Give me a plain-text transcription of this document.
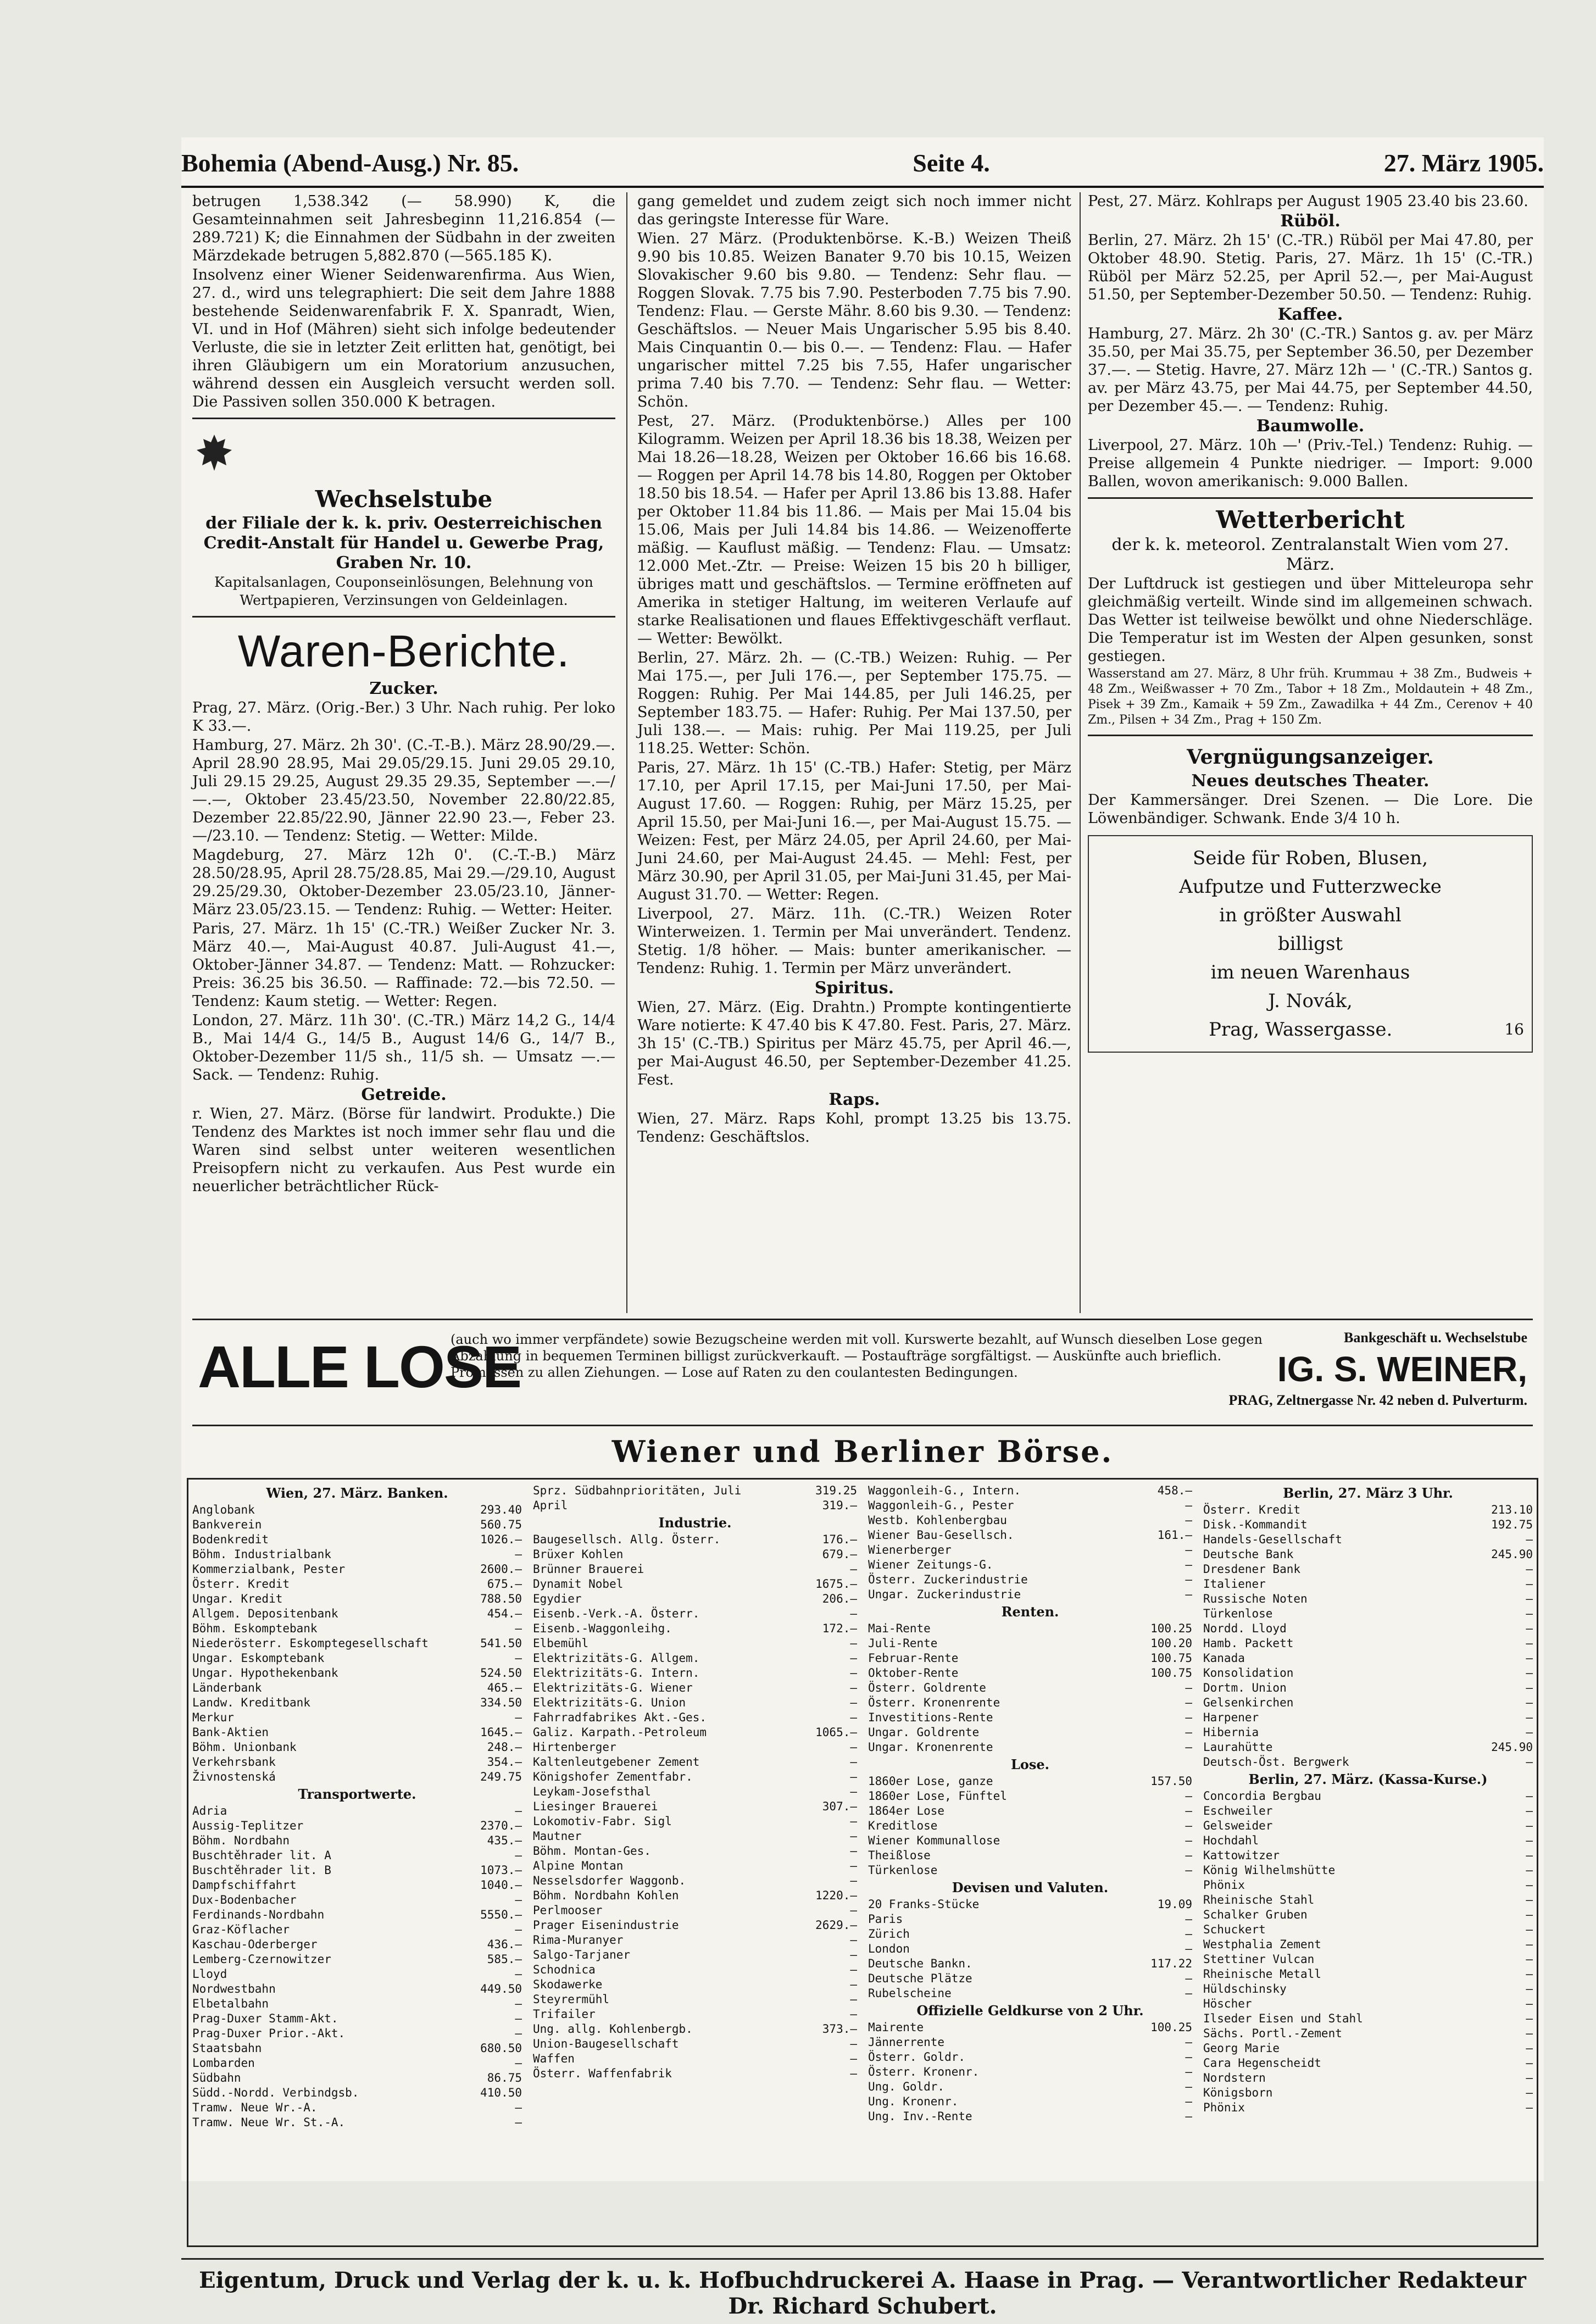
Bohemia (Abend-Ausg.) Nr. 85.	Seite 4.	27. März 1905.

betrugen 1,538.342 (— 58.990) K, die Gesamteinnahmen seit Jahresbeginn 11,216.854 (—289.721) K; die Einnahmen der Südbahn in der zweiten Märzdekade betrugen 5,882.870 (—565.185 K).

Insolvenz einer Wiener Seidenwarenfirma. Aus Wien, 27. d., wird uns telegraphiert: Die seit dem Jahre 1888 bestehende Seidenwarenfabrik F. X. Spanradt, Wien, VI. und in Hof (Mähren) sieht sich infolge bedeutender Verluste, die sie in letzter Zeit erlitten hat, genötigt, bei ihren Gläubigern um ein Moratorium anzusuchen, während dessen ein Ausgleich versucht werden soll. Die Passiven sollen 350.000 K betragen.

Wechselstube
der Filiale der k. k. priv. Oesterreichischen Credit-Anstalt für Handel u. Gewerbe Prag, Graben Nr. 10.

Kapitalsanlagen, Couponseinlösungen, Belehnung von Wertpapieren, Verzinsungen von Geldeinlagen.

Waren-Berichte.
Zucker.

Prag, 27. März. (Orig.-Ber.) 3 Uhr. Nach ruhig. Per loko K 33.—.

Hamburg, 27. März. 2h 30'. (C.-T.-B.). März 28.90/29.—. April 28.90 28.95, Mai 29.05/29.15. Juni 29.05 29.10, Juli 29.15 29.25, August 29.35 29.35, September —.—/—.—, Oktober 23.45/23.50, November 22.80/22.85, Dezember 22.85/22.90, Jänner 22.90 23.—, Feber 23.—/23.10. — Tendenz: Stetig. — Wetter: Milde.

Magdeburg, 27. März 12h 0'. (C.-T.-B.) März 28.50/28.95, April 28.75/28.85, Mai 29.—/29.10, August 29.25/29.30, Oktober-Dezember 23.05/23.10, Jänner-März 23.05/23.15. — Tendenz: Ruhig. — Wetter: Heiter.

Paris, 27. März. 1h 15' (C.-TR.) Weißer Zucker Nr. 3. März 40.—, Mai-August 40.87. Juli-August 41.—, Oktober-Jänner 34.87. — Tendenz: Matt. — Rohzucker: Preis: 36.25 bis 36.50. — Raffinade: 72.—bis 72.50. — Tendenz: Kaum stetig. — Wetter: Regen.

London, 27. März. 11h 30'. (C.-TR.) März 14,2 G., 14/4 B., Mai 14/4 G., 14/5 B., August 14/6 G., 14/7 B., Oktober-Dezember 11/5 sh., 11/5 sh. — Umsatz —.— Sack. — Tendenz: Ruhig.

Getreide.

r. Wien, 27. März. (Börse für landwirt. Produkte.) Die Tendenz des Marktes ist noch immer sehr flau und die Waren sind selbst unter weiteren wesentlichen Preisopfern nicht zu verkaufen. Aus Pest wurde ein neuerlicher beträchtlicher Rück-

gang gemeldet und zudem zeigt sich noch immer nicht das geringste Interesse für Ware.

Wien. 27 März. (Produktenbörse. K.-B.) Weizen Theiß 9.90 bis 10.85. Weizen Banater 9.70 bis 10.15, Weizen Slovakischer 9.60 bis 9.80. — Tendenz: Sehr flau. — Roggen Slovak. 7.75 bis 7.90. Pesterboden 7.75 bis 7.90. Tendenz: Flau. — Gerste Mähr. 8.60 bis 9.30. — Tendenz: Geschäftslos. — Neuer Mais Ungarischer 5.95 bis 8.40. Mais Cinquantin 0.— bis 0.—. — Tendenz: Flau. — Hafer ungarischer mittel 7.25 bis 7.55, Hafer ungarischer prima 7.40 bis 7.70. — Tendenz: Sehr flau. — Wetter: Schön.

Pest, 27. März. (Produktenbörse.) Alles per 100 Kilogramm. Weizen per April 18.36 bis 18.38, Weizen per Mai 18.26—18.28, Weizen per Oktober 16.66 bis 16.68. — Roggen per April 14.78 bis 14.80, Roggen per Oktober 18.50 bis 18.54. — Hafer per April 13.86 bis 13.88. Hafer per Oktober 11.84 bis 11.86. — Mais per Mai 15.04 bis 15.06, Mais per Juli 14.84 bis 14.86. — Weizenofferte mäßig. — Kauflust mäßig. — Tendenz: Flau. — Umsatz: 12.000 Met.-Ztr. — Preise: Weizen 15 bis 20 h billiger, übriges matt und geschäftslos. — Termine eröffneten auf Amerika in stetiger Haltung, im weiteren Verlaufe auf starke Realisationen und flaues Effektivgeschäft verflaut. — Wetter: Bewölkt.

Berlin, 27. März. 2h. — (C.-TB.) Weizen: Ruhig. — Per Mai 175.—, per Juli 176.—, per September 175.75. — Roggen: Ruhig. Per Mai 144.85, per Juli 146.25, per September 183.75. — Hafer: Ruhig. Per Mai 137.50, per Juli 138.—. — Mais: ruhig. Per Mai 119.25, per Juli 118.25. Wetter: Schön.

Paris, 27. März. 1h 15' (C.-TB.) Hafer: Stetig, per März 17.10, per April 17.15, per Mai-Juni 17.50, per Mai-August 17.60. — Roggen: Ruhig, per März 15.25, per April 15.50, per Mai-Juni 16.—, per Mai-August 15.75. — Weizen: Fest, per März 24.05, per April 24.60, per Mai-Juni 24.60, per Mai-August 24.45. — Mehl: Fest, per März 30.90, per April 31.05, per Mai-Juni 31.45, per Mai-August 31.70. — Wetter: Regen.

Liverpool, 27. März. 11h. (C.-TR.) Weizen Roter Winterweizen. 1. Termin per Mai unverändert. Tendenz. Stetig. 1/8 höher. — Mais: bunter amerikanischer. — Tendenz: Ruhig. 1. Termin per März unverändert.

Spiritus.

Wien, 27. März. (Eig. Drahtn.) Prompte kontingentierte Ware notierte: K 47.40 bis K 47.80. Fest. Paris, 27. März. 3h 15' (C.-TB.) Spiritus per März 45.75, per April 46.—, per Mai-August 46.50, per September-Dezember 41.25. Fest.

Raps.

Wien, 27. März. Raps Kohl, prompt 13.25 bis 13.75. Tendenz: Geschäftslos.

Pest, 27. März. Kohlraps per August 1905 23.40 bis 23.60.

Rüböl.

Berlin, 27. März. 2h 15' (C.-TR.) Rüböl per Mai 47.80, per Oktober 48.90. Stetig. Paris, 27. März. 1h 15' (C.-TR.) Rüböl per März 52.25, per April 52.—, per Mai-August 51.50, per September-Dezember 50.50. — Tendenz: Ruhig.

Kaffee.

Hamburg, 27. März. 2h 30' (C.-TR.) Santos g. av. per März 35.50, per Mai 35.75, per September 36.50, per Dezember 37.—. — Stetig. Havre, 27. März 12h — ' (C.-TR.) Santos g. av. per März 43.75, per Mai 44.75, per September 44.50, per Dezember 45.—. — Tendenz: Ruhig.

Baumwolle.

Liverpool, 27. März. 10h —' (Priv.-Tel.) Tendenz: Ruhig. — Preise allgemein 4 Punkte niedriger. — Import: 9.000 Ballen, wovon amerikanisch: 9.000 Ballen.

Wetterbericht
der k. k. meteorol. Zentralanstalt Wien vom 27. März.

Der Luftdruck ist gestiegen und über Mitteleuropa sehr gleichmäßig verteilt. Winde sind im allgemeinen schwach. Das Wetter ist teilweise bewölkt und ohne Niederschläge. Die Temperatur ist im Westen der Alpen gesunken, sonst gestiegen.

Wasserstand am 27. März, 8 Uhr früh. Krummau + 38 Zm., Budweis + 48 Zm., Weißwasser + 70 Zm., Tabor + 18 Zm., Moldautein + 48 Zm., Pisek + 39 Zm., Kamaik + 59 Zm., Zawadilka + 44 Zm., Cerenov + 40 Zm., Pilsen + 34 Zm., Prag + 150 Zm.

Vergnügungsanzeiger.
Neues deutsches Theater.

Der Kammersänger. Drei Szenen. — Die Lore. Die Löwenbändiger. Schwank. Ende 3/4 10 h.

Seide für Roben, Blusen,
Aufputze und Futterzwecke
in größter Auswahl
billigst
im neuen Warenhaus
J. Novák,
Prag, Wassergasse.	16
ALLE LOSE
(auch wo immer verpfändete) sowie Bezugscheine werden mit voll. Kurswerte bezahlt, auf Wunsch dieselben Lose gegen Abzahlung in bequemen Terminen billigst zurückverkauft. — Postaufträge sorgfältigst. — Auskünfte auch brieflich. Promessen zu allen Ziehungen. — Lose auf Raten zu den coulantesten Bedingungen.
Bankgeschäft u. Wechselstube
IG. S. WEINER,
PRAG, Zeltnergasse Nr. 42 neben d. Pulverturm.
Wiener und Berliner Börse.
Wien, 27. März. Banken.
Anglobank	293.40
Bankverein	560.75
Bodenkredit	1026.—
Böhm. Industrialbank	—
Kommerzialbank, Pester	2600.—
Österr. Kredit	675.—
Ungar. Kredit	788.50
Allgem. Depositenbank	454.—
Böhm. Eskomptebank	—
Niederösterr. Eskomptegesellschaft	541.50
Ungar. Eskomptebank	—
Ungar. Hypothekenbank	524.50
Länderbank	465.—
Landw. Kreditbank	334.50
Merkur	—
Bank-Aktien	1645.—
Böhm. Unionbank	248.—
Verkehrsbank	354.—
Živnostenská	249.75
Transportwerte.
Adria	—
Aussig-Teplitzer	2370.—
Böhm. Nordbahn	435.—
Buschtěhrader lit. A	—
Buschtěhrader lit. B	1073.—
Dampfschiffahrt	1040.—
Dux-Bodenbacher	—
Ferdinands-Nordbahn	5550.—
Graz-Köflacher	—
Kaschau-Oderberger	436.—
Lemberg-Czernowitzer	585.—
Lloyd	—
Nordwestbahn	449.50
Elbetalbahn	—
Prag-Duxer Stamm-Akt.	—
Prag-Duxer Prior.-Akt.	—
Staatsbahn	680.50
Lombarden	—
Südbahn	86.75
Südd.-Nordd. Verbindgsb.	410.50
Tramw. Neue Wr.-A.	—
Tramw. Neue Wr. St.-A.	—
Sprz. Südbahnprioritäten, Juli	319.25
April	319.—
Industrie.
Baugesellsch. Allg. Österr.	176.—
Brüxer Kohlen	679.—
Brünner Brauerei	—
Dynamit Nobel	1675.—
Egydier	206.—
Eisenb.-Verk.-A. Österr.	—
Eisenb.-Waggonleihg.	172.—
Elbemühl	—
Elektrizitäts-G. Allgem.	—
Elektrizitäts-G. Intern.	—
Elektrizitäts-G. Wiener	—
Elektrizitäts-G. Union	—
Fahrradfabrikes Akt.-Ges.	—
Galiz. Karpath.-Petroleum	1065.—
Hirtenberger	—
Kaltenleutgebener Zement	—
Königshofer Zementfabr.	—
Leykam-Josefsthal	—
Liesinger Brauerei	307.—
Lokomotiv-Fabr. Sigl	—
Mautner	—
Böhm. Montan-Ges.	—
Alpine Montan	—
Nesselsdorfer Waggonb.	—
Böhm. Nordbahn Kohlen	1220.—
Perlmooser	—
Prager Eisenindustrie	2629.—
Rima-Muranyer	—
Salgo-Tarjaner	—
Schodnica	—
Skodawerke	—
Steyrermühl	—
Trifailer	—
Ung. allg. Kohlenbergb.	373.—
Union-Baugesellschaft	—
Waffen	—
Österr. Waffenfabrik	—
Waggonleih-G., Intern.	458.—
Waggonleih-G., Pester	—
Westb. Kohlenbergbau	—
Wiener Bau-Gesellsch.	161.—
Wienerberger	—
Wiener Zeitungs-G.	—
Österr. Zuckerindustrie	—
Ungar. Zuckerindustrie	—
Renten.
Mai-Rente	100.25
Juli-Rente	100.20
Februar-Rente	100.75
Oktober-Rente	100.75
Österr. Goldrente	—
Österr. Kronenrente	—
Investitions-Rente	—
Ungar. Goldrente	—
Ungar. Kronenrente	—
Lose.
1860er Lose, ganze	157.50
1860er Lose, Fünftel	—
1864er Lose	—
Kreditlose	—
Wiener Kommunallose	—
Theißlose	—
Türkenlose	—
Devisen und Valuten.
20 Franks-Stücke	19.09
Paris	—
Zürich	—
London	—
Deutsche Bankn.	117.22
Deutsche Plätze	—
Rubelscheine	—
Offizielle Geldkurse von 2 Uhr.
Mairente	100.25
Jännerrente	—
Österr. Goldr.	—
Österr. Kronenr.	—
Ung. Goldr.	—
Ung. Kronenr.	—
Ung. Inv.-Rente	—
Berlin, 27. März 3 Uhr.
Österr. Kredit	213.10
Disk.-Kommandit	192.75
Handels-Gesellschaft	—
Deutsche Bank	245.90
Dresdener Bank	—
Italiener	—
Russische Noten	—
Türkenlose	—
Nordd. Lloyd	—
Hamb. Packett	—
Kanada	—
Konsolidation	—
Dortm. Union	—
Gelsenkirchen	—
Harpener	—
Hibernia	—
Laurahütte	245.90
Deutsch-Öst. Bergwerk	—
Berlin, 27. März. (Kassa-Kurse.)
Concordia Bergbau	—
Eschweiler	—
Gelsweider	—
Hochdahl	—
Kattowitzer	—
König Wilhelmshütte	—
Phönix	—
Rheinische Stahl	—
Schalker Gruben	—
Schuckert	—
Westphalia Zement	—
Stettiner Vulcan	—
Rheinische Metall	—
Hüldschinsky	—
Höscher	—
Ilseder Eisen und Stahl	—
Sächs. Portl.-Zement	—
Georg Marie	—
Cara Hegenscheidt	—
Nordstern	—
Königsborn	—
Phönix	—
Eigentum, Druck und Verlag der k. u. k. Hofbuchdruckerei A. Haase in Prag. — Verantwortlicher Redakteur Dr. Richard Schubert.
